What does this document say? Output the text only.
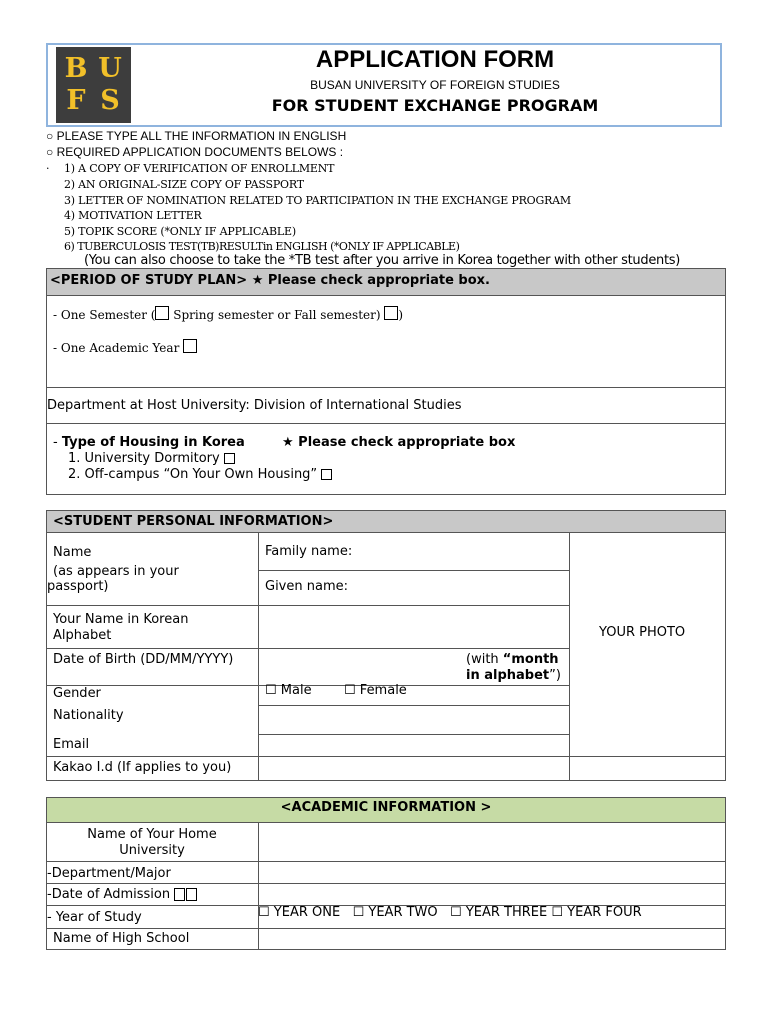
B U
F S
APPLICATION FORM
BUSAN UNIVERSITY OF FOREIGN STUDIES
FOR STUDENT EXCHANGE PROGRAM
○ PLEASE TYPE ALL THE INFORMATION IN ENGLISH
○ REQUIRED APPLICATION DOCUMENTS BELOWS :
· 1) A COPY OF VERIFICATION OF ENROLLMENT
2) AN ORIGINAL-SIZE COPY OF PASSPORT
3) LETTER OF NOMINATION RELATED TO PARTICIPATION IN THE EXCHANGE PROGRAM
4) MOTIVATION LETTER
5) TOPIK SCORE (*ONLY IF APPLICABLE)
6) TUBERCULOSIS TEST(TB)RESULTin ENGLISH (*ONLY IF APPLICABLE)
(You can also choose to take the *TB test after you arrive in Korea together with other students)
<PERIOD OF STUDY PLAN> ★ Please check appropriate box.
- One Semester ( Spring semester or Fall semester) )
- One Academic Year
Department at Host University: Division of International Studies
- Type of Housing in Korea	★ Please check appropriate box
1. University Dormitory
2. Off-campus “On Your Own Housing”
<STUDENT PERSONAL INFORMATION>
Name
(as appears in your
passport)
Family name:
Given name:
Your Name in Korean
Alphabet
Date of Birth (DD/MM/YYYY)	(with “month
in alphabet”)
Gender	☐ Male ☐ Female
Nationality
Email
Kakao I.d (If applies to you)
YOUR PHOTO
<ACADEMIC INFORMATION >
Name of Your Home
University
-Department/Major
-Date of Admission
- Year of Study	☐ YEAR ONE ☐ YEAR TWO ☐ YEAR THREE ☐ YEAR FOUR
Name of High School
